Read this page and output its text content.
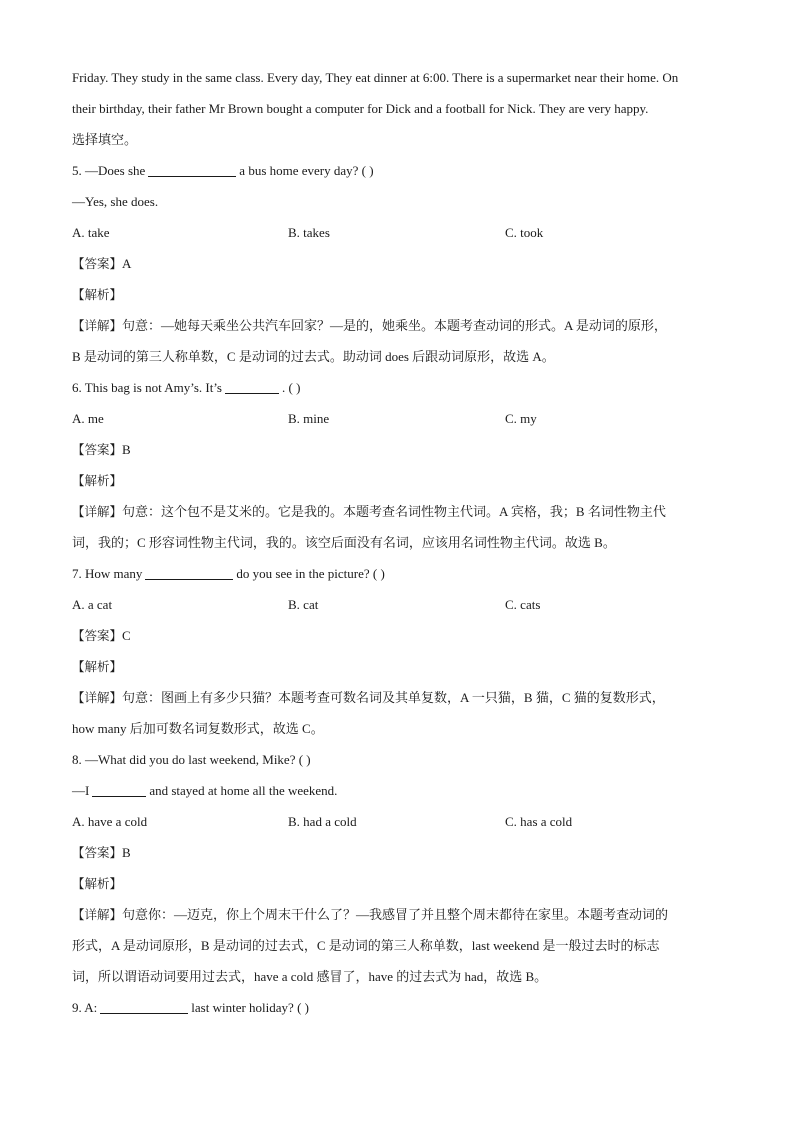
Friday. They study in the same class. Every day, They eat dinner at 6:00. There is a supermarket near their home. On
their birthday, their father Mr Brown bought a computer for Dick and a football for Nick. They are very happy.
选择填空。
5. —Does she	a bus home every day? ( )
—Yes, she does.
A. take	B. takes	C. took
【答案】A
【解析】
【详解】句意：—她每天乘坐公共汽车回家？—是的，她乘坐。本题考查动词的形式。A 是动词的原形，
B 是动词的第三人称单数，C 是动词的过去式。助动词 does 后跟动词原形，故选 A。
6. This bag is not Amy’s. It’s	. ( )
A. me	B. mine	C. my
【答案】B
【解析】
【详解】句意：这个包不是艾米的。它是我的。本题考查名词性物主代词。A 宾格，我；B 名词性物主代
词，我的；C 形容词性物主代词，我的。该空后面没有名词，应该用名词性物主代词。故选 B。
7. How many	do you see in the picture? ( )
A. a cat	B. cat	C. cats
【答案】C
【解析】
【详解】句意：图画上有多少只猫？本题考查可数名词及其单复数，A 一只猫，B 猫，C 猫的复数形式，
how many 后加可数名词复数形式，故选 C。
8. —What did you do last weekend, Mike? ( )
—I	and stayed at home all the weekend.
A. have a cold	B. had a cold	C. has a cold
【答案】B
【解析】
【详解】句意你：—迈克，你上个周末干什么了？—我感冒了并且整个周末都待在家里。本题考查动词的
形式，A 是动词原形，B 是动词的过去式，C 是动词的第三人称单数，last weekend 是一般过去时的标志
词，所以谓语动词要用过去式，have a cold 感冒了，have 的过去式为 had，故选 B。
9. A:	last winter holiday? ( )
